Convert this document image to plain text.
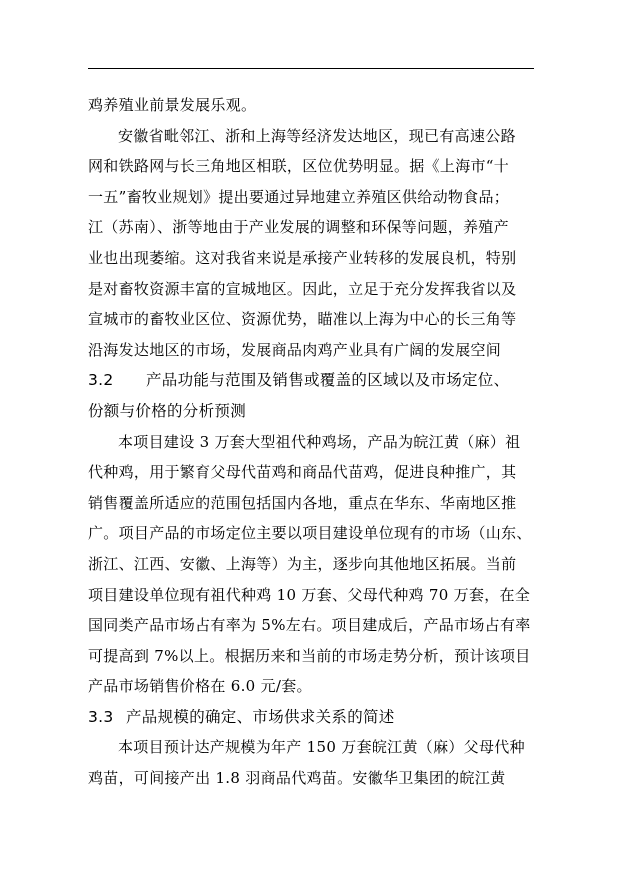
鸡养殖业前景发展乐观。
安徽省毗邻江、浙和上海等经济发达地区，现已有高速公路
网和铁路网与长三角地区相联，区位优势明显。据《上海市“十
一五”畜牧业规划》提出要通过异地建立养殖区供给动物食品；
江（苏南）、浙等地由于产业发展的调整和环保等问题，养殖产
业也出现萎缩。这对我省来说是承接产业转移的发展良机，特别
是对畜牧资源丰富的宣城地区。因此，立足于充分发挥我省以及
宣城市的畜牧业区位、资源优势，瞄准以上海为中心的长三角等
沿海发达地区的市场，发展商品肉鸡产业具有广阔的发展空间
3.2 产品功能与范围及销售或覆盖的区域以及市场定位、
份额与价格的分析预测
本项目建设 3 万套大型祖代种鸡场，产品为皖江黄（麻）祖
代种鸡，用于繁育父母代苗鸡和商品代苗鸡，促进良种推广，其
销售覆盖所适应的范围包括国内各地，重点在华东、华南地区推
广。项目产品的市场定位主要以项目建设单位现有的市场（山东、
浙江、江西、安徽、上海等）为主，逐步向其他地区拓展。当前
项目建设单位现有祖代种鸡 10 万套、父母代种鸡 70 万套，在全
国同类产品市场占有率为 5%左右。项目建成后，产品市场占有率
可提高到 7%以上。根据历来和当前的市场走势分析，预计该项目
产品市场销售价格在 6.0 元/套。
3.3 产品规模的确定、市场供求关系的简述
本项目预计达产规模为年产 150 万套皖江黄（麻）父母代种
鸡苗，可间接产出 1.8 羽商品代鸡苗。安徽华卫集团的皖江黄
